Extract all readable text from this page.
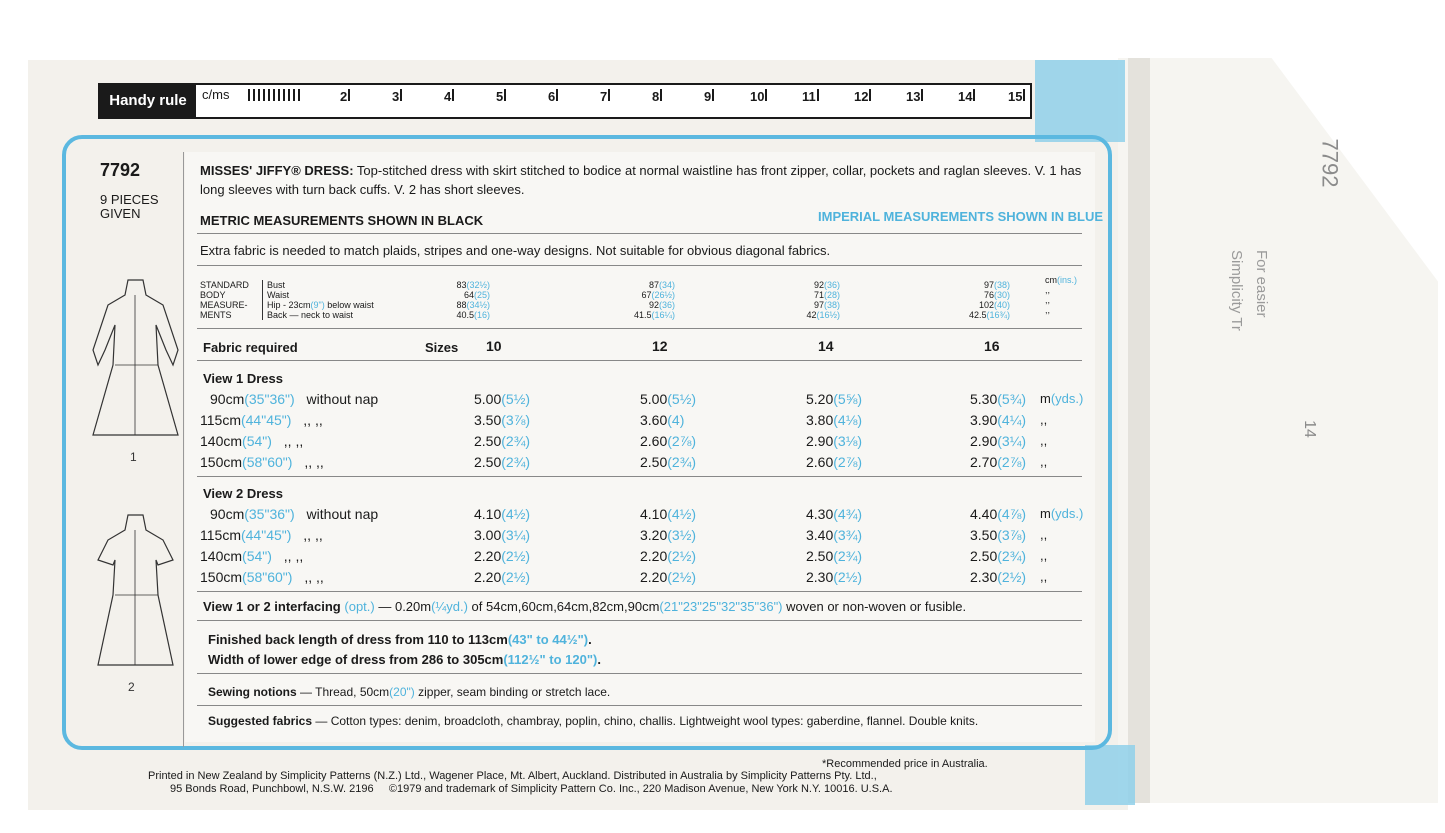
For easier
Simplicity Tr
7792
14
Handy rule	c/ms	2	3	4	5	6	7	8	9	10	11	12	13	14	15
7792
9 PIECES
GIVEN
1
2
MISSES' JIFFY® DRESS: Top-stitched dress with skirt stitched to bodice at normal waistline has front zipper, collar, pockets and raglan sleeves. V. 1 has
long sleeves with turn back cuffs. V. 2 has short sleeves.
METRIC MEASUREMENTS SHOWN IN BLACK	IMPERIAL MEASUREMENTS SHOWN IN BLUE
Extra fabric is needed to match plaids, stripes and one-way designs. Not suitable for obvious diagonal fabrics.
STANDARD
BODY
MEASURE-
MENTS
Bust
Waist
Hip - 23cm(9") below waist
Back — neck to waist
83(32½)
64(25)
88(34½)
40.5(16)
87(34)
67(26½)
92(36)
41.5(16¼)
92(36)
71(28)
97(38)
42(16½)
97(38)
76(30)
102(40)
42.5(16¾)
cm(ins.)
,,
,,
,,
Fabric required	Sizes 10	12	14	16
View 1 Dress
90cm(35"36") without nap	5.00(5½)	5.00(5½)	5.20(5⅝)	5.30(5¾) m(yds.)
115cm(44"45") ,, ,,	3.50(3⅞)	3.60(4)	3.80(4⅛)	3.90(4¼) ,,
140cm(54") ,, ,,	2.50(2¾)	2.60(2⅞)	2.90(3⅛)	2.90(3¼) ,,
150cm(58"60") ,, ,,	2.50(2¾)	2.50(2¾)	2.60(2⅞)	2.70(2⅞) ,,
View 2 Dress
90cm(35"36") without nap	4.10(4½)	4.10(4½)	4.30(4¾)	4.40(4⅞) m(yds.)
115cm(44"45") ,, ,,	3.00(3¼)	3.20(3½)	3.40(3¾)	3.50(3⅞) ,,
140cm(54") ,, ,,	2.20(2½)	2.20(2½)	2.50(2¾)	2.50(2¾) ,,
150cm(58"60") ,, ,,	2.20(2½)	2.20(2½)	2.30(2½)	2.30(2½) ,,
View 1 or 2 interfacing (opt.) — 0.20m(¼yd.) of 54cm,60cm,64cm,82cm,90cm(21"23"25"32"35"36") woven or non-woven or fusible.
Finished back length of dress from 110 to 113cm(43" to 44½").
Width of lower edge of dress from 286 to 305cm(112½" to 120").
Sewing notions — Thread, 50cm(20") zipper, seam binding or stretch lace.
Suggested fabrics — Cotton types: denim, broadcloth, chambray, poplin, chino, challis. Lightweight wool types: gaberdine, flannel. Double knits.
*Recommended price in Australia.
Printed in New Zealand by Simplicity Patterns (N.Z.) Ltd., Wagener Place, Mt. Albert, Auckland. Distributed in Australia by Simplicity Patterns Pty. Ltd.,
95 Bonds Road, Punchbowl, N.S.W. 2196 ©1979 and trademark of Simplicity Pattern Co. Inc., 220 Madison Avenue, New York N.Y. 10016. U.S.A.
